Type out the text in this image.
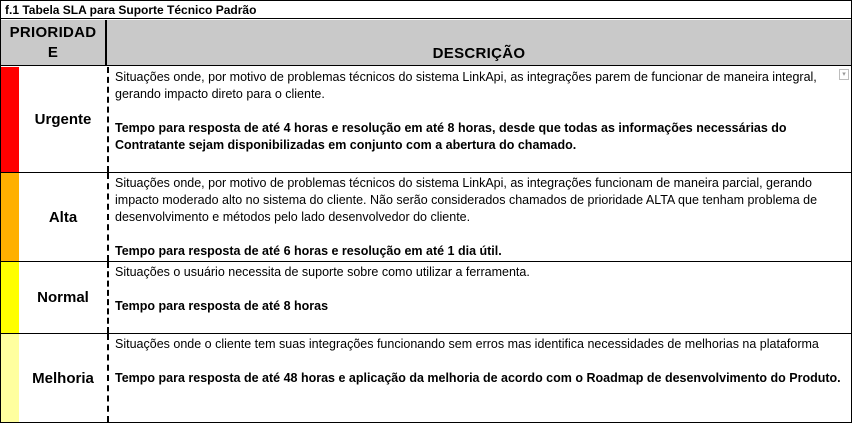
f.1 Tabela SLA para Suporte Técnico Padrão
PRIORIDADE	DESCRIÇÃO
Urgente

Situações onde, por motivo de problemas técnicos do sistema LinkApi, as integrações parem de funcionar de maneira integral, gerando impacto direto para o cliente.

Tempo para resposta de até 4 horas e resolução em até 8 horas, desde que todas as informações necessárias do Contratante sejam disponibilizadas em conjunto com a abertura do chamado.

▾
Alta

Situações onde, por motivo de problemas técnicos do sistema LinkApi, as integrações funcionam de maneira parcial, gerando impacto moderado alto no sistema do cliente. Não serão considerados chamados de prioridade ALTA que tenham problema de desenvolvimento e métodos pelo lado desenvolvedor do cliente.

Tempo para resposta de até 6 horas e resolução em até 1 dia útil.

Normal

Situações o usuário necessita de suporte sobre como utilizar a ferramenta.

Tempo para resposta de até 8 horas

Melhoria

Situações onde o cliente tem suas integrações funcionando sem erros mas identifica necessidades de melhorias na plataforma

Tempo para resposta de até 48 horas e aplicação da melhoria de acordo com o Roadmap de desenvolvimento do Produto.
